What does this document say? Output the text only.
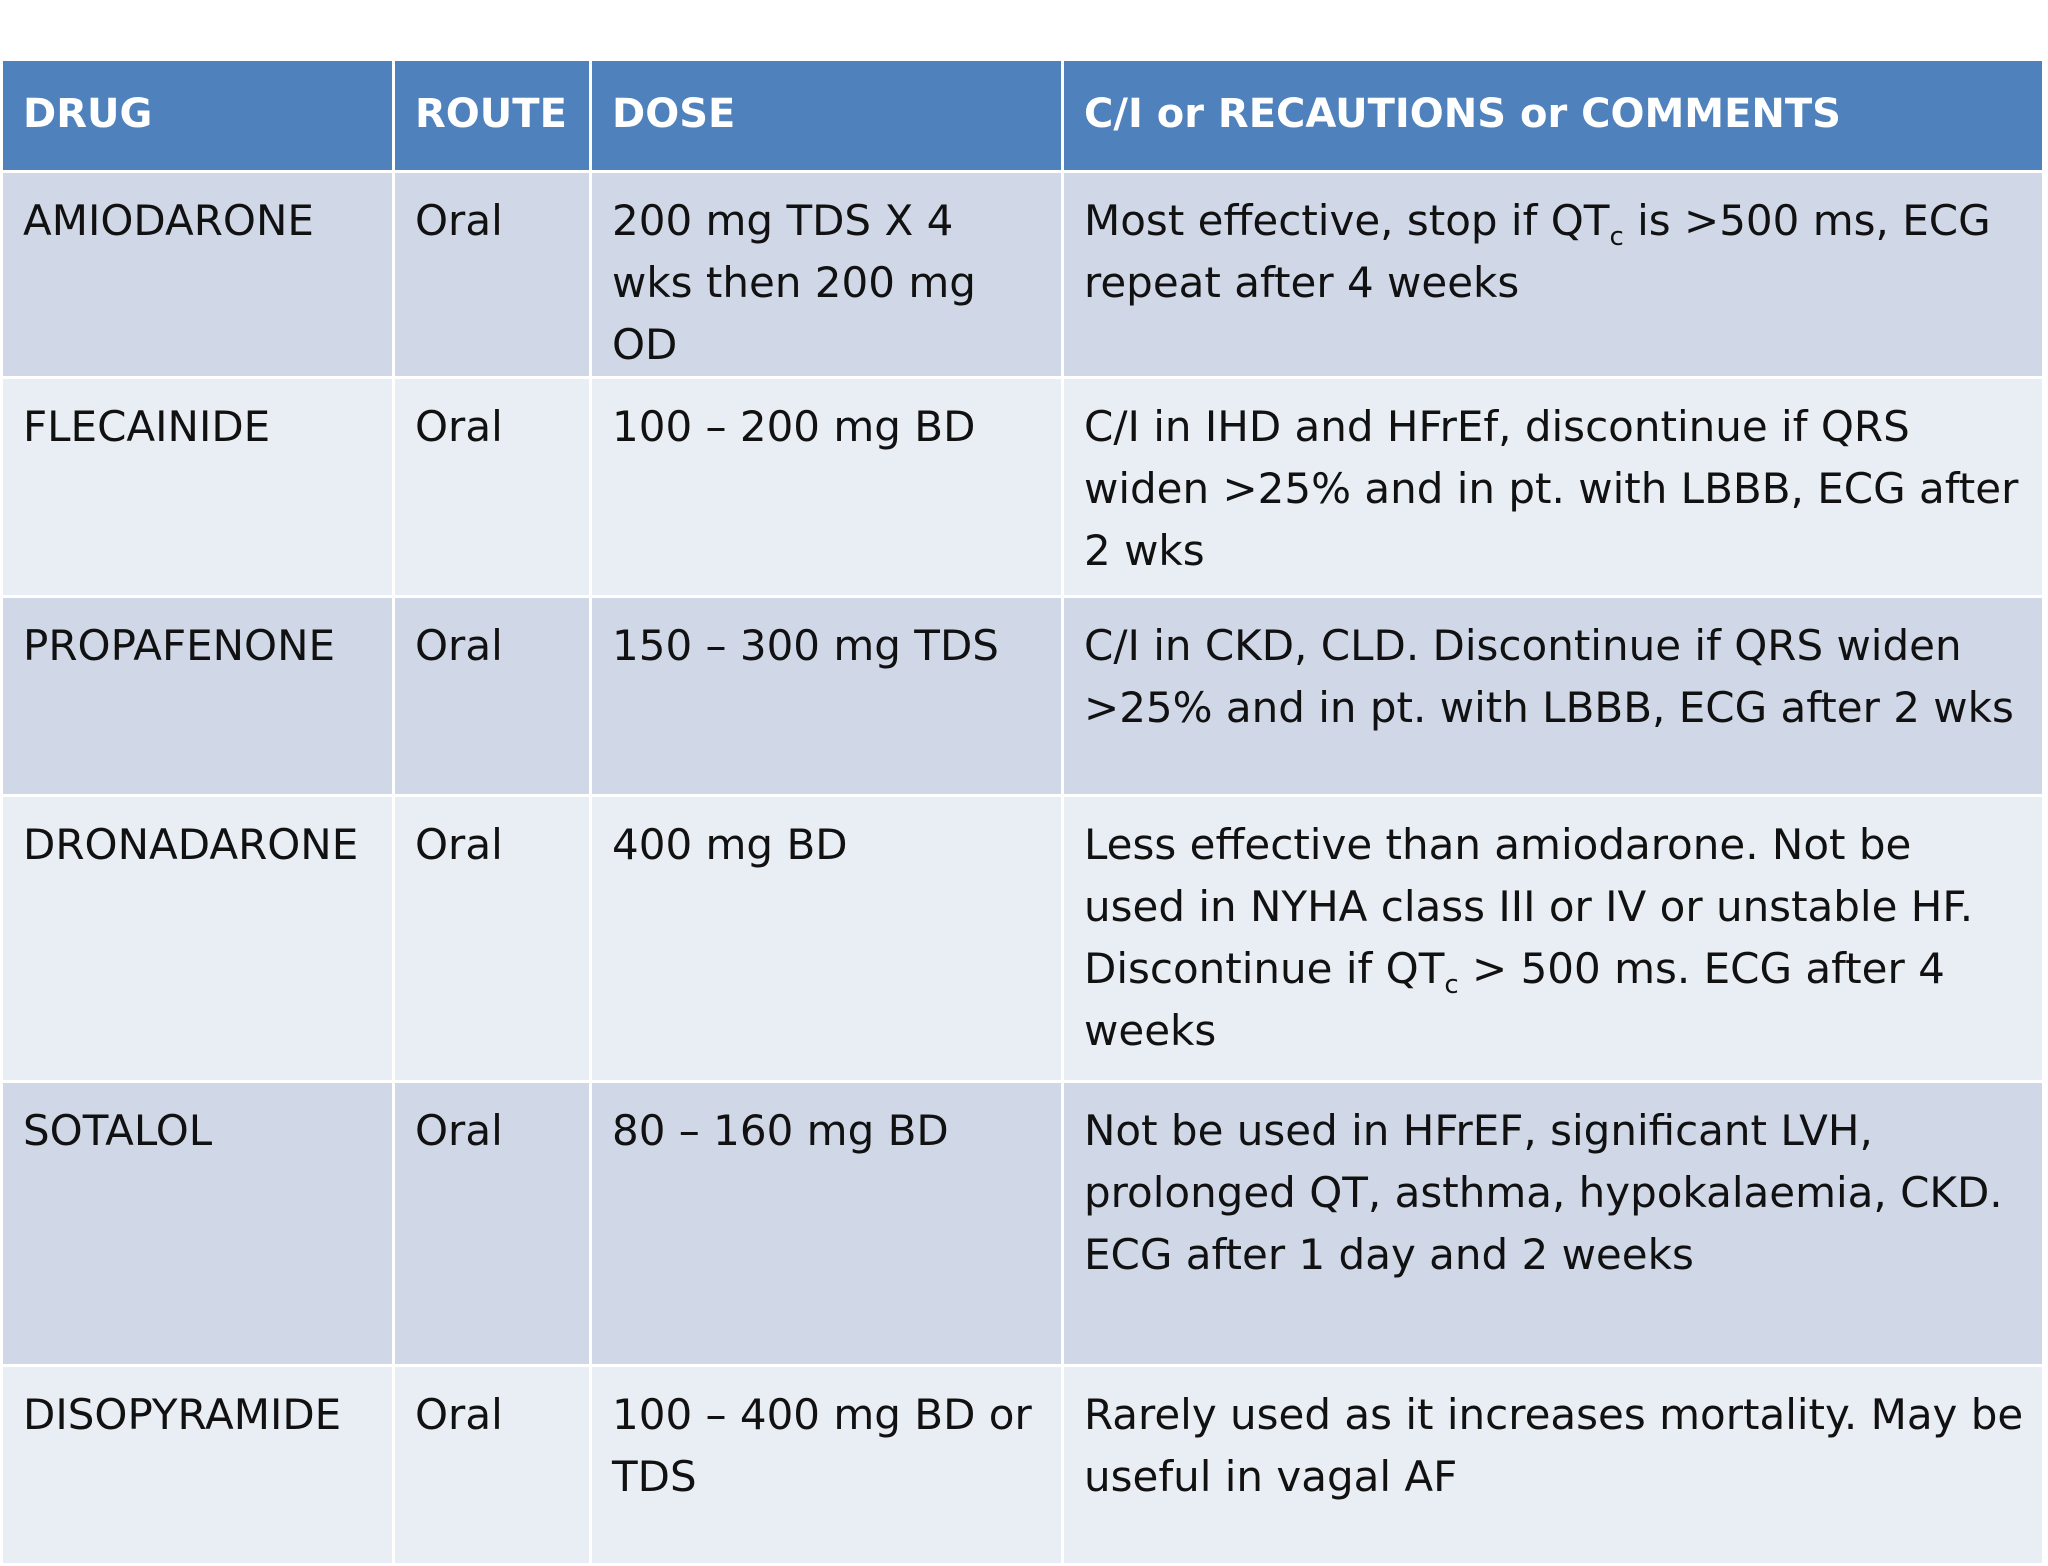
DRUG	ROUTE	DOSE	C/I or RECAUTIONS or COMMENTS
AMIODARONE	Oral	200 mg TDS X 4 wks then 200 mg OD	Most effective, stop if $QT_c$ is >500 ms, ECG repeat after 4 weeks
FLECAINIDE	Oral	100 – 200 mg BD	C/I in IHD and HFrEf, discontinue if QRS widen >25% and in pt. with LBBB, ECG after 2 wks
PROPAFENONE	Oral	150 – 300 mg TDS	C/I in CKD, CLD. Discontinue if QRS widen >25% and in pt. with LBBB, ECG after 2 wks
DRONADARONE	Oral	400 mg BD	Less effective than amiodarone. Not be used in NYHA class III or IV or unstable HF. Discontinue if $QT_c > 500$ ms. ECG after 4 weeks
SOTALOL	Oral	80 – 160 mg BD	Not be used in HFrEF, significant LVH, prolonged QT, asthma, hypokalaemia, CKD. ECG after 1 day and 2 weeks
DISOPYRAMIDE	Oral	100 – 400 mg BD or TDS	Rarely used as it increases mortality. May be useful in vagal AF
